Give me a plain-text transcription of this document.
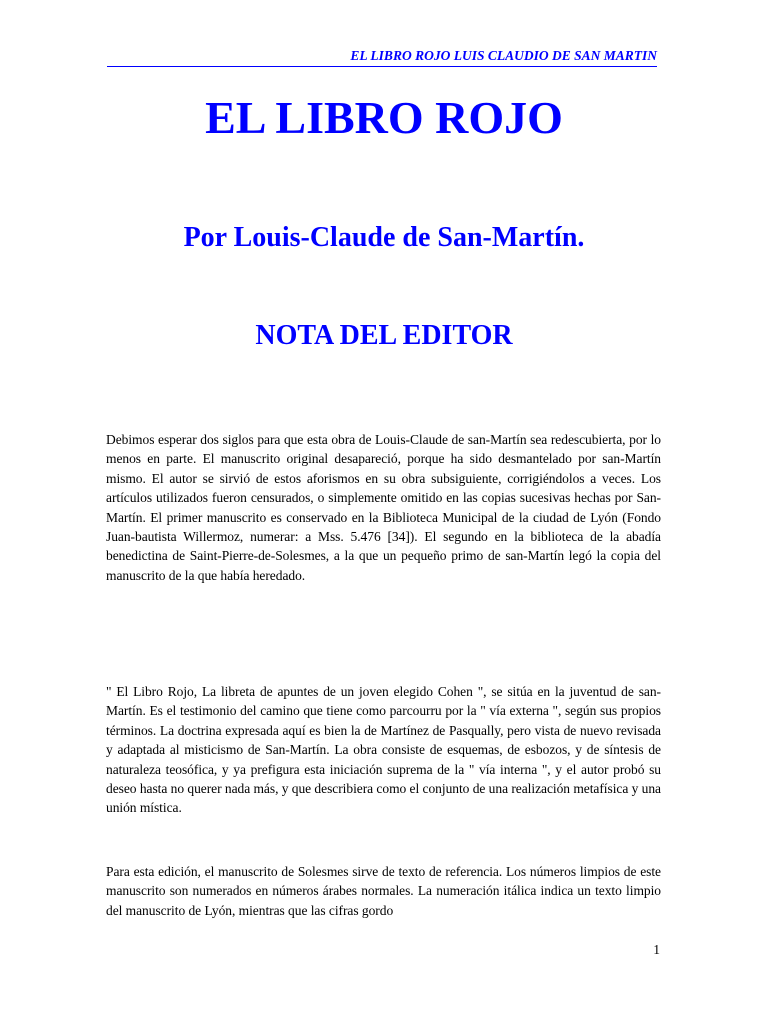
EL LIBRO ROJO LUIS CLAUDIO DE SAN MARTIN
EL LIBRO ROJO
Por Louis-Claude de San-Martín.
NOTA DEL EDITOR

Debimos esperar dos siglos para que esta obra de Louis-Claude de san-Martín sea redescubierta, por lo menos en parte. El manuscrito original desapareció, porque ha sido desmantelado por san-Martín mismo. El autor se sirvió de estos aforismos en su obra subsiguiente, corrigiéndolos a veces. Los artículos utilizados fueron censurados, o simplemente omitido en las copias sucesivas hechas por San-Martín. El primer manuscrito es conservado en la Biblioteca Municipal de la ciudad de Lyón (Fondo Juan-bautista Willermoz, numerar: a Mss. 5.476 [34]). El segundo en la biblioteca de la abadía benedictina de Saint-Pierre-de-Solesmes, a la que un pequeño primo de san-Martín legó la copia del manuscrito de la que había heredado.

" El Libro Rojo, La libreta de apuntes de un joven elegido Cohen ", se sitúa en la juventud de san-Martín. Es el testimonio del camino que tiene como parcourru por la " vía externa ", según sus propios términos. La doctrina expresada aquí es bien la de Martínez de Pasqually, pero vista de nuevo revisada y adaptada al misticismo de San-Martín. La obra consiste de esquemas, de esbozos, y de síntesis de naturaleza teosófica, y ya prefigura esta iniciación suprema de la " vía interna ", y el autor probó su deseo hasta no querer nada más, y que describiera como el conjunto de una realización metafísica y una unión mística.

Para esta edición, el manuscrito de Solesmes sirve de texto de referencia. Los números limpios de este manuscrito son numerados en números árabes normales. La numeración itálica indica un texto limpio del manuscrito de Lyón, mientras que las cifras gordo

1
